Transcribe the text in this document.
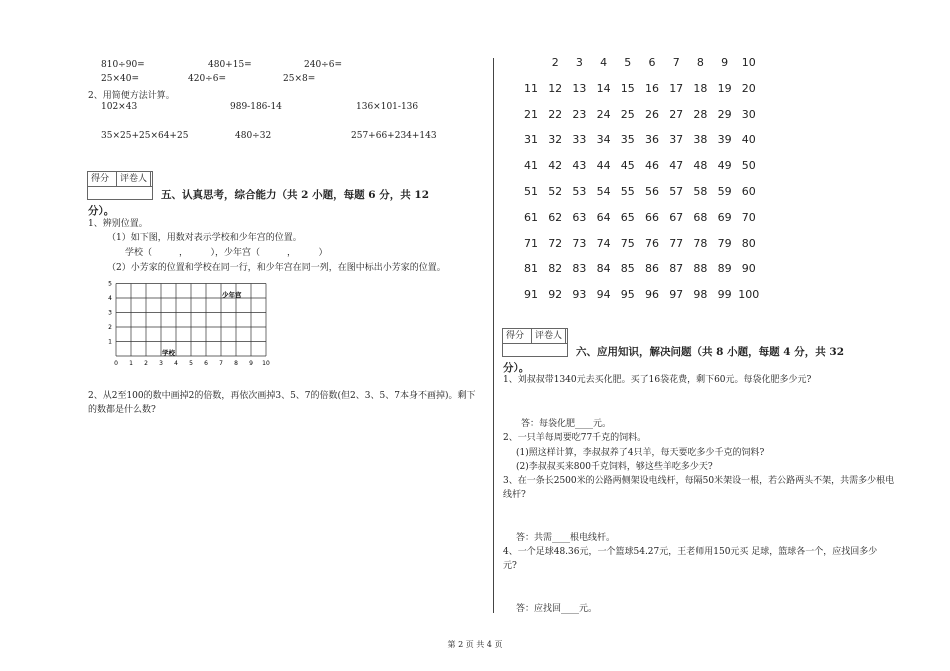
810÷90=	480+15=	240÷6=
25×40=	420÷6=	25×8=
2、用简便方法计算。
102×43	989-186-14	136×101-136
35×25+25×64+25	480÷32	257+66+234+143
得分	评卷人
五、认真思考，综合能力（共 2 小题，每题 6 分，共 12
分）。
1、辨别位置。
（1）如下图，用数对表示学校和少年宫的位置。
学校（　　　，　　　），少年宫（　　　，　　　）
（2）小芳家的位置和学校在同一行，和少年宫在同一列，在图中标出小芳家的位置。
0 1 2 3 4 5 6 7 8 9 10
1
2
3
4
5
学校
少年宫
2、从2至100的数中画掉2的倍数，再依次画掉3、5、7的倍数(但2、3、5、7本身不画掉)。剩下
的数都是什么数?
2	3	4	5	6	7	8	9	10
11 12 13 14 15 16 17 18 19 20
21 22 23 24 25 26 27 28 29 30
31 32 33 34 35 36 37 38 39 40
41 42 43 44 45 46 47 48 49 50
51 52 53 54 55 56 57 58 59 60
61 62 63 64 65 66 67 68 69 70
71 72 73 74 75 76 77 78 79 80
81 82 83 84 85 86 87 88 89 90
91 92 93 94 95 96 97 98 99 100
得分	评卷人
六、应用知识，解决问题（共 8 小题，每题 4 分，共 32
分）。
1、刘叔叔带1340元去买化肥。买了16袋花费，剩下60元。每袋化肥多少元?
答：每袋化肥____元。
2、一只羊每周要吃77千克的饲料。
(1)照这样计算，李叔叔养了4只羊，每天要吃多少千克的饲料?
(2)李叔叔买来800千克饲料，够这些羊吃多少天?
3、在一条长2500米的公路两侧架设电线杆，每隔50米架设一根，若公路两头不架，共需多少根电
线杆?
答：共需____根电线杆。
4、一个足球48.36元，一个篮球54.27元，王老师用150元买 足球，篮球各一个，应找回多少
元?
答：应找回____元。
第 2 页 共 4 页
